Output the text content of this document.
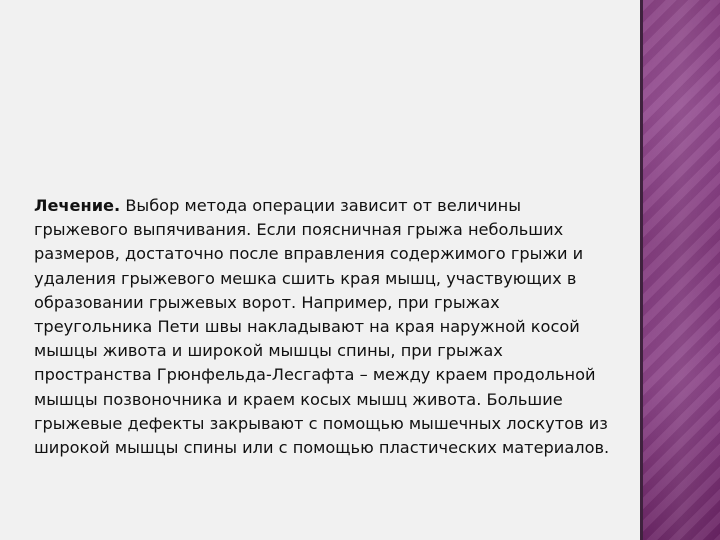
Лечение. Выбор метода операции зависит от величины
грыжевого выпячивания. Если поясничная грыжа небольших
размеров, достаточно после вправления содержимого грыжи и
удаления грыжевого мешка сшить края мышц, участвующих в
образовании грыжевых ворот. Например, при грыжах
треугольника Пети швы накладывают на края наружной косой
мышцы живота и широкой мышцы спины, при грыжах
пространства Грюнфельда-Лесгафта – между краем продольной
мышцы позвоночника и краем косых мышц живота. Большие
грыжевые дефекты закрывают с помощью мышечных лоскутов из
широкой мышцы спины или с помощью пластических материалов.
